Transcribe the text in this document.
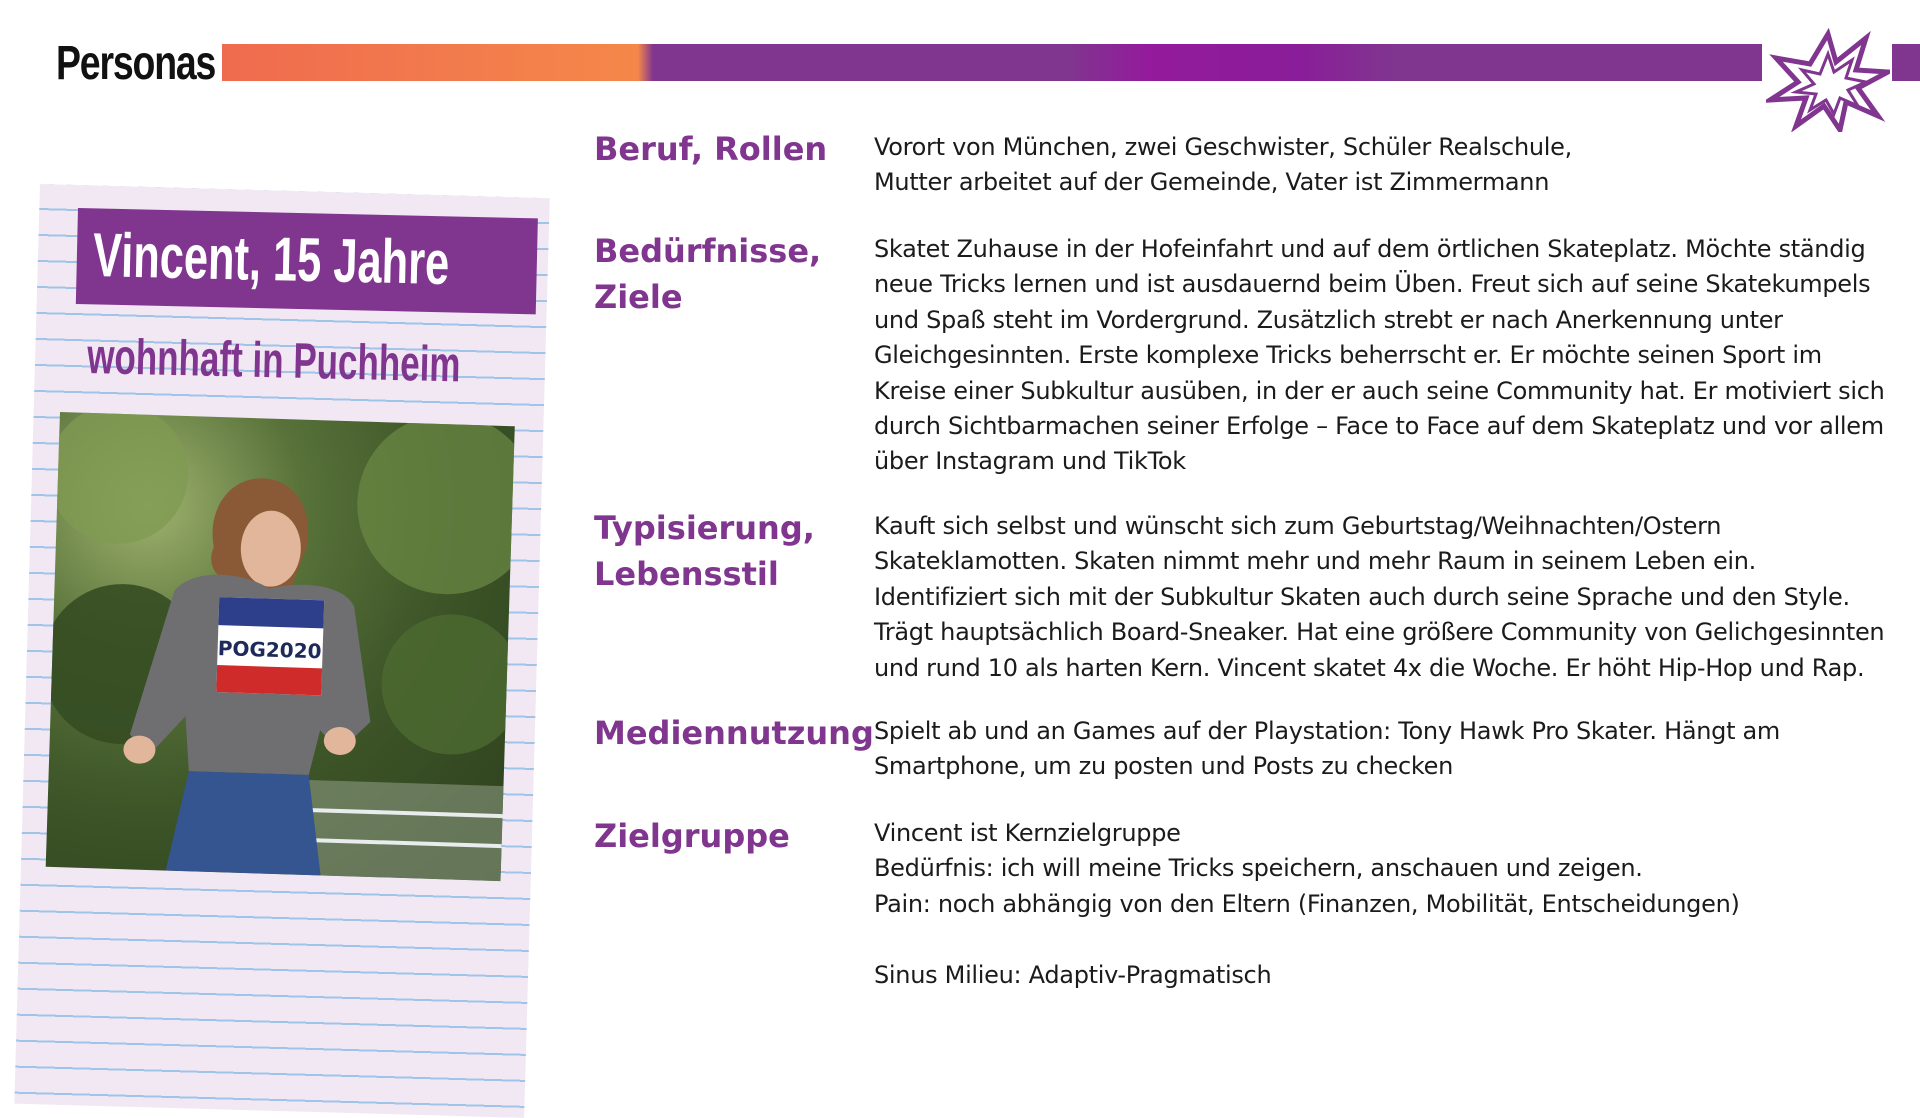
Personas
Vincent, 15 Jahre
wohnhaft in Puchheim
POG2020
Beruf, Rollen Vorort von München, zwei Geschwister, Schüler Realschule,
Mutter arbeitet auf der Gemeinde, Vater ist Zimmermann
Bedürfnisse,
Ziele
Skatet Zuhause in der Hofeinfahrt und auf dem örtlichen Skateplatz. Möchte ständig
neue Tricks lernen und ist ausdauernd beim Üben. Freut sich auf seine Skatekumpels
und Spaß steht im Vordergrund. Zusätzlich strebt er nach Anerkennung unter
Gleichgesinnten. Erste komplexe Tricks beherrscht er. Er möchte seinen Sport im
Kreise einer Subkultur ausüben, in der er auch seine Community hat. Er motiviert sich
durch Sichtbarmachen seiner Erfolge – Face to Face auf dem Skateplatz und vor allem
über Instagram und TikTok
Typisierung,
Lebensstil
Kauft sich selbst und wünscht sich zum Geburtstag/Weihnachten/Ostern
Skateklamotten. Skaten nimmt mehr und mehr Raum in seinem Leben ein.
Identifiziert sich mit der Subkultur Skaten auch durch seine Sprache und den Style.
Trägt hauptsächlich Board-Sneaker. Hat eine größere Community von Gelichgesinnten
und rund 10 als harten Kern. Vincent skatet 4x die Woche. Er höht Hip-Hop und Rap.
Mediennutzung Spielt ab und an Games auf der Playstation: Tony Hawk Pro Skater. Hängt am
Smartphone, um zu posten und Posts zu checken
Zielgruppe	Vincent ist Kernzielgruppe
Bedürfnis: ich will meine Tricks speichern, anschauen und zeigen.
Pain: noch abhängig von den Eltern (Finanzen, Mobilität, Entscheidungen)

Sinus Milieu: Adaptiv-Pragmatisch
